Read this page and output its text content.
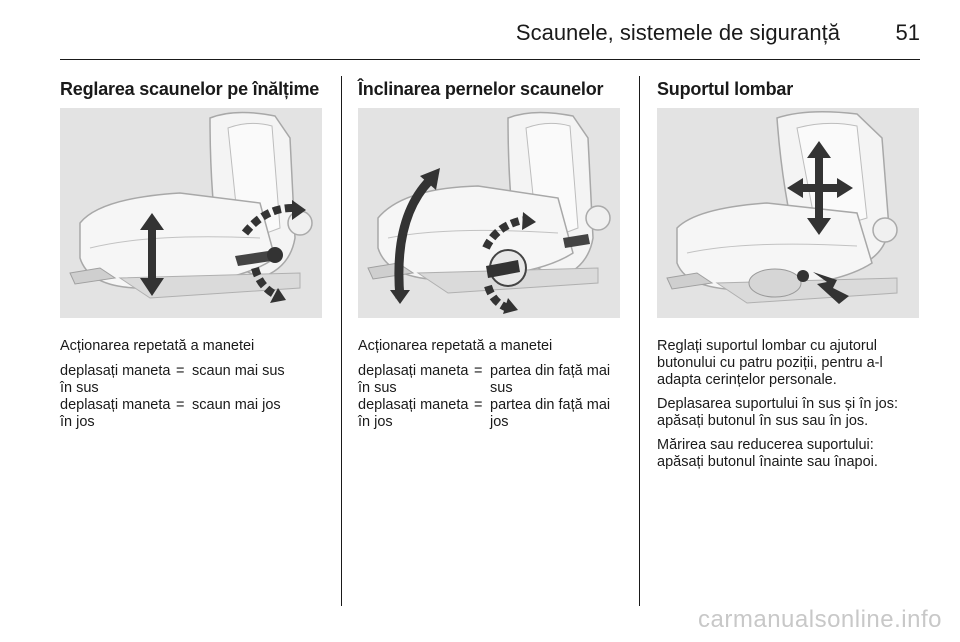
Scaunele, sistemele de siguranță	51
Reglarea scaunelor pe înălțime
Acționarea repetată a manetei
deplasați maneta în sus
= scaun mai sus
deplasați maneta în jos
= scaun mai jos
Înclinarea pernelor scaunelor
Acționarea repetată a manetei
deplasați maneta în sus
= partea din față mai sus
deplasați maneta în jos
= partea din față mai jos
Suportul lombar

Reglați suportul lombar cu ajutorul butonului cu patru poziții, pentru a-l adapta cerințelor personale.

Deplasarea suportului în sus și în jos: apăsați butonul în sus sau în jos.

Mărirea sau reducerea suportului: apăsați butonul înainte sau înapoi.

carmanualsonline.info
